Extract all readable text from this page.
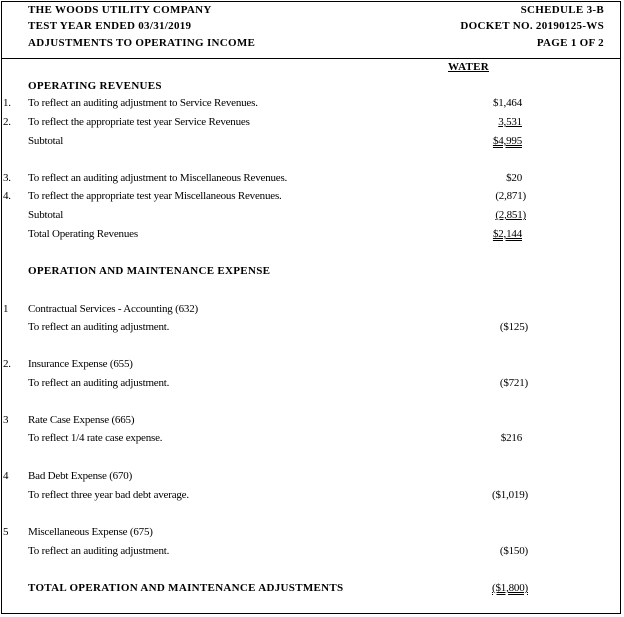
THE WOODS UTILITY COMPANY
TEST YEAR ENDED 03/31/2019
ADJUSTMENTS TO OPERATING INCOME
SCHEDULE 3-B
DOCKET NO. 20190125-WS
PAGE 1 OF 2
WATER
OPERATING REVENUES
1. To reflect an auditing adjustment to Service Revenues.	$1,464
2. To reflect the appropriate test year Service Revenues	3,531
Subtotal	$4,995
3. To reflect an auditing adjustment to Miscellaneous Revenues.	$20
4. To reflect the appropriate test year Miscellaneous Revenues.	(2,871)
Subtotal	(2,851)
Total Operating Revenues	$2,144
OPERATION AND MAINTENANCE EXPENSE
1 Contractual Services - Accounting (632)
To reflect an auditing adjustment.	($125)
2. Insurance Expense (655)
To reflect an auditing adjustment.	($721)
3 Rate Case Expense (665)
To reflect 1/4 rate case expense.	$216
4 Bad Debt Expense (670)
To reflect three year bad debt average.	($1,019)
5 Miscellaneous Expense (675)
To reflect an auditing adjustment.	($150)
TOTAL OPERATION AND MAINTENANCE ADJUSTMENTS	($1,800)
